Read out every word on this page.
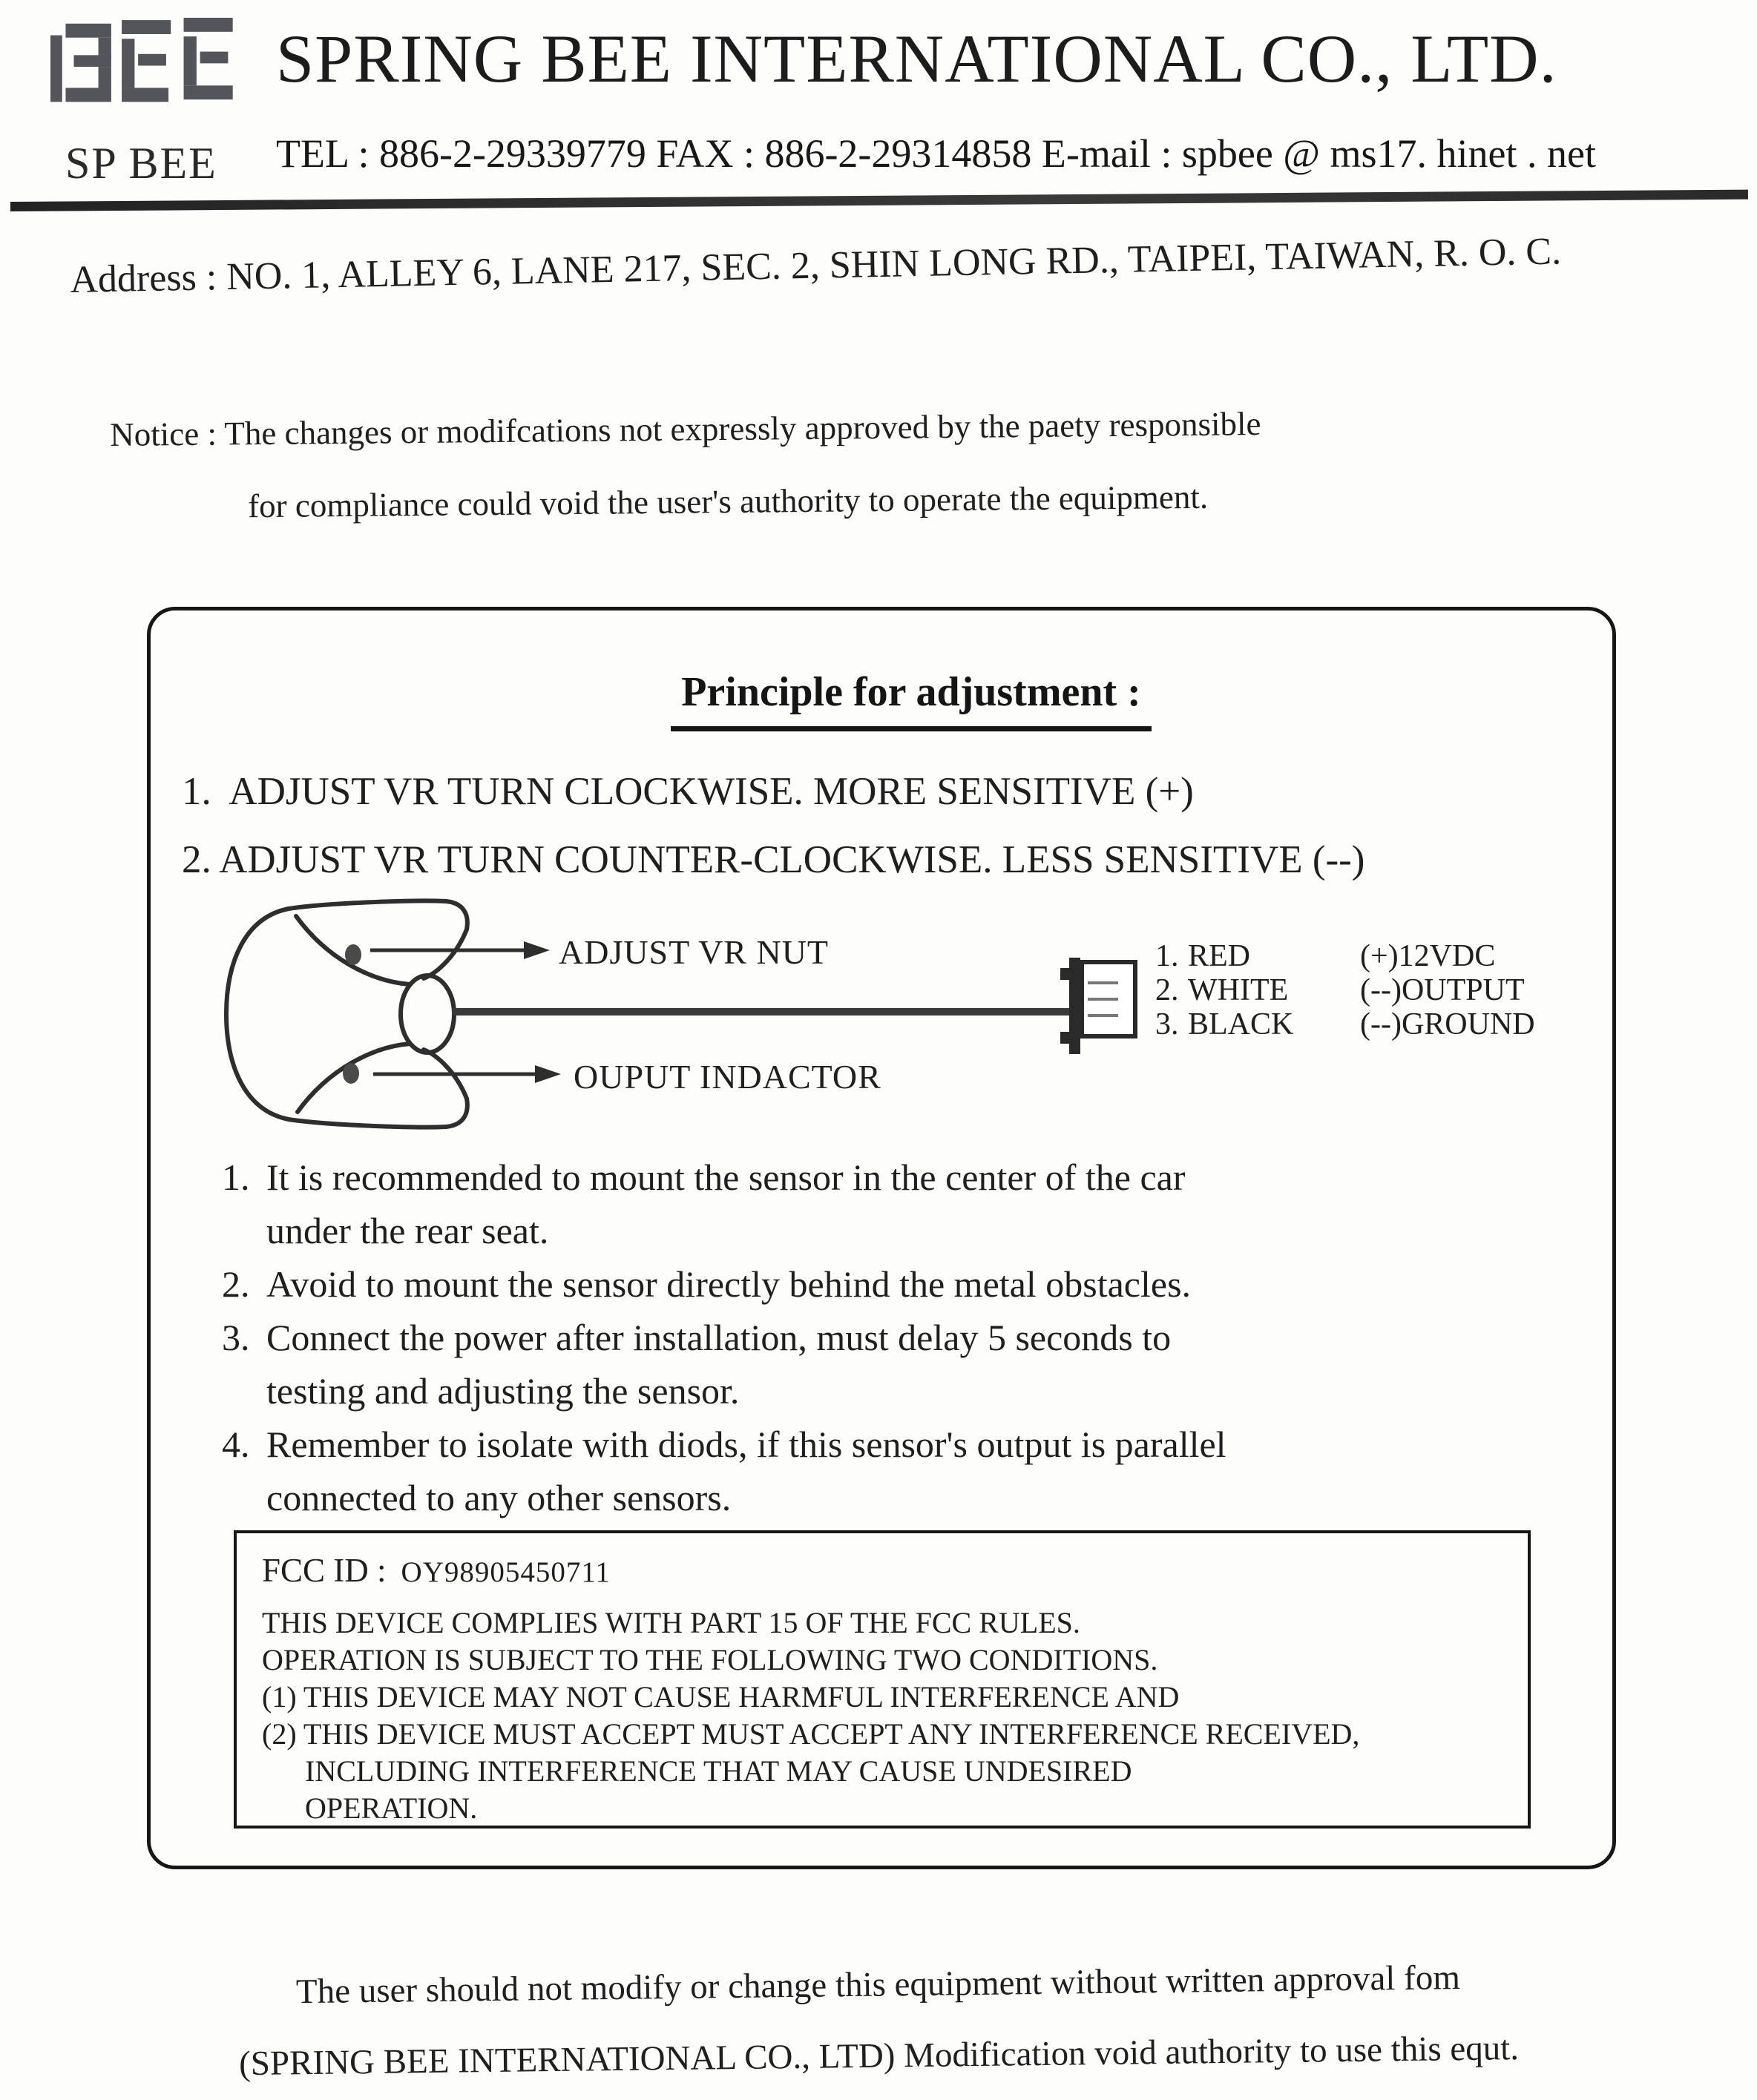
SP BEE
SPRING BEE INTERNATIONAL CO., LTD.
TEL : 886-2-29339779 FAX : 886-2-29314858 E-mail : spbee @ ms17. hinet . net
Address : NO. 1, ALLEY 6, LANE 217, SEC. 2, SHIN LONG RD., TAIPEI, TAIWAN, R. O. C.
Notice : The changes or modifcations not expressly approved by the paety responsible
for compliance could void the user's authority to operate the equipment.
Principle for adjustment :
1.  ADJUST VR TURN CLOCKWISE. MORE SENSITIVE (+)
2. ADJUST VR TURN COUNTER-CLOCKWISE. LESS SENSITIVE (--)
ADJUST VR NUT
OUPUT INDACTOR
1. RED	(+)12VDC
2. WHITE	(--)OUTPUT
3. BLACK	(--)GROUND
1. It is recommended to mount the sensor in the center of the car
under the rear seat.
2. Avoid to mount the sensor directly behind the metal obstacles.
3. Connect the power after installation, must delay 5 seconds to
testing and adjusting the sensor.
4. Remember to isolate with diods, if this sensor's output is parallel
connected to any other sensors.
FCC ID : OY98905450711
THIS DEVICE COMPLIES WITH PART 15 OF THE FCC RULES.
OPERATION IS SUBJECT TO THE FOLLOWING TWO CONDITIONS.
(1) THIS DEVICE MAY NOT CAUSE HARMFUL INTERFERENCE AND
(2) THIS DEVICE MUST ACCEPT MUST ACCEPT ANY INTERFERENCE RECEIVED,
INCLUDING INTERFERENCE THAT MAY CAUSE UNDESIRED
OPERATION.
The user should not modify or change this equipment without written approval fom
(SPRING BEE INTERNATIONAL CO., LTD) Modification void authority to use this equt.
